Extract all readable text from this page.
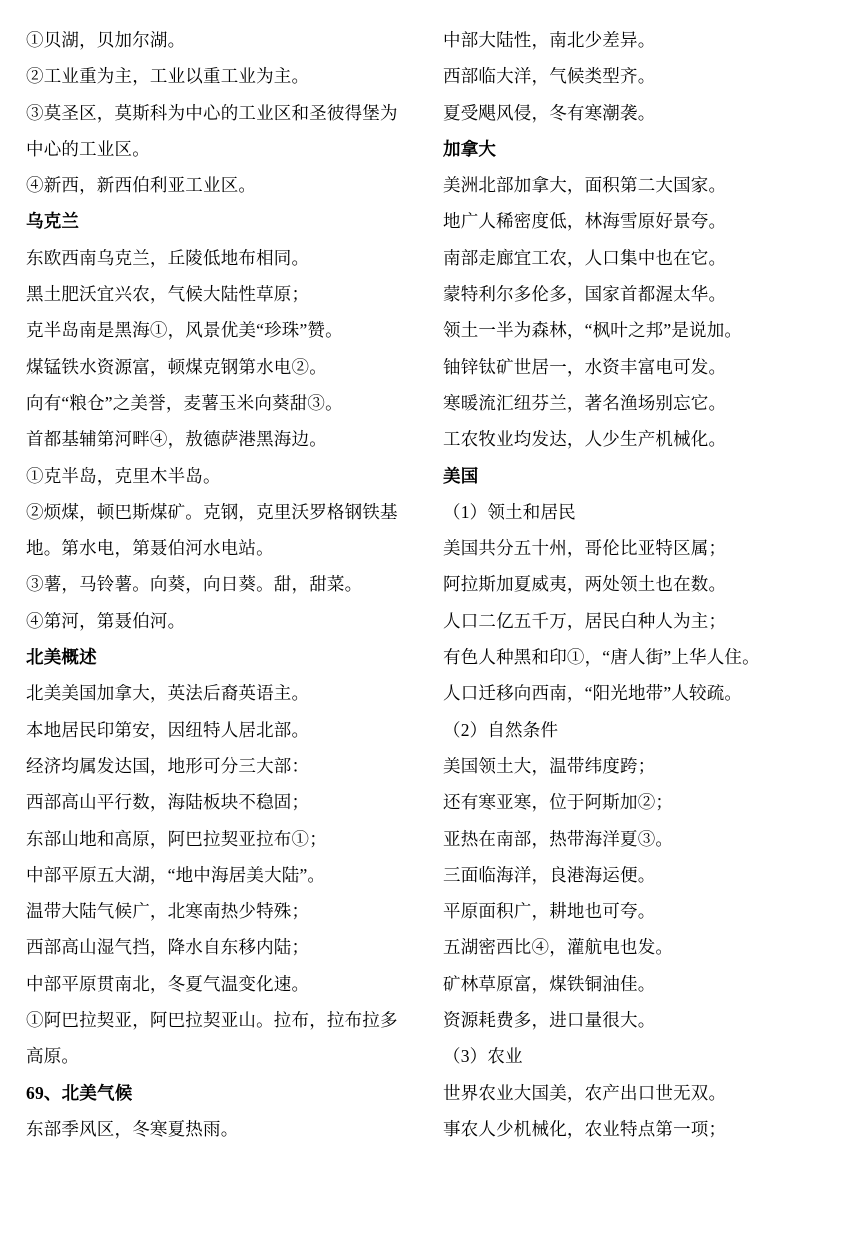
①贝湖，贝加尔湖。
②工业重为主，工业以重工业为主。
③莫圣区，莫斯科为中心的工业区和圣彼得堡为
中心的工业区。
④新西，新西伯利亚工业区。
乌克兰
东欧西南乌克兰，丘陵低地布相同。
黑土肥沃宜兴农，气候大陆性草原；
克半岛南是黑海①，风景优美“珍珠”赞。
煤锰铁水资源富，顿煤克钢第水电②。
向有“粮仓”之美誉，麦薯玉米向葵甜③。
首都基辅第河畔④，敖德萨港黑海边。
①克半岛，克里木半岛。
②烦煤，顿巴斯煤矿。克钢，克里沃罗格钢铁基
地。第水电，第聂伯河水电站。
③薯，马铃薯。向葵，向日葵。甜，甜菜。
④第河，第聂伯河。
北美概述
北美美国加拿大，英法后裔英语主。
本地居民印第安，因纽特人居北部。
经济均属发达国，地形可分三大部：
西部高山平行数，海陆板块不稳固；
东部山地和高原，阿巴拉契亚拉布①；
中部平原五大湖，“地中海居美大陆”。
温带大陆气候广，北寒南热少特殊；
西部高山湿气挡，降水自东移内陆；
中部平原贯南北，冬夏气温变化速。
①阿巴拉契亚，阿巴拉契亚山。拉布，拉布拉多
高原。
69、北美气候
东部季风区，冬寒夏热雨。
中部大陆性，南北少差异。
西部临大洋，气候类型齐。
夏受飓风侵，冬有寒潮袭。
加拿大
美洲北部加拿大，面积第二大国家。
地广人稀密度低，林海雪原好景夸。
南部走廊宜工农，人口集中也在它。
蒙特利尔多伦多，国家首都渥太华。
领土一半为森林，“枫叶之邦”是说加。
铀锌钛矿世居一，水资丰富电可发。
寒暖流汇纽芬兰，著名渔场别忘它。
工农牧业均发达，人少生产机械化。
美国
（1）领土和居民
美国共分五十州，哥伦比亚特区属；
阿拉斯加夏威夷，两处领土也在数。
人口二亿五千万，居民白种人为主；
有色人种黑和印①，“唐人街”上华人住。
人口迁移向西南，“阳光地带”人较疏。
（2）自然条件
美国领土大，温带纬度跨；
还有寒亚寒，位于阿斯加②；
亚热在南部，热带海洋夏③。
三面临海洋，良港海运便。
平原面积广，耕地也可夸。
五湖密西比④，灌航电也发。
矿林草原富，煤铁铜油佳。
资源耗费多，进口量很大。
（3）农业
世界农业大国美，农产出口世无双。
事农人少机械化，农业特点第一项；
